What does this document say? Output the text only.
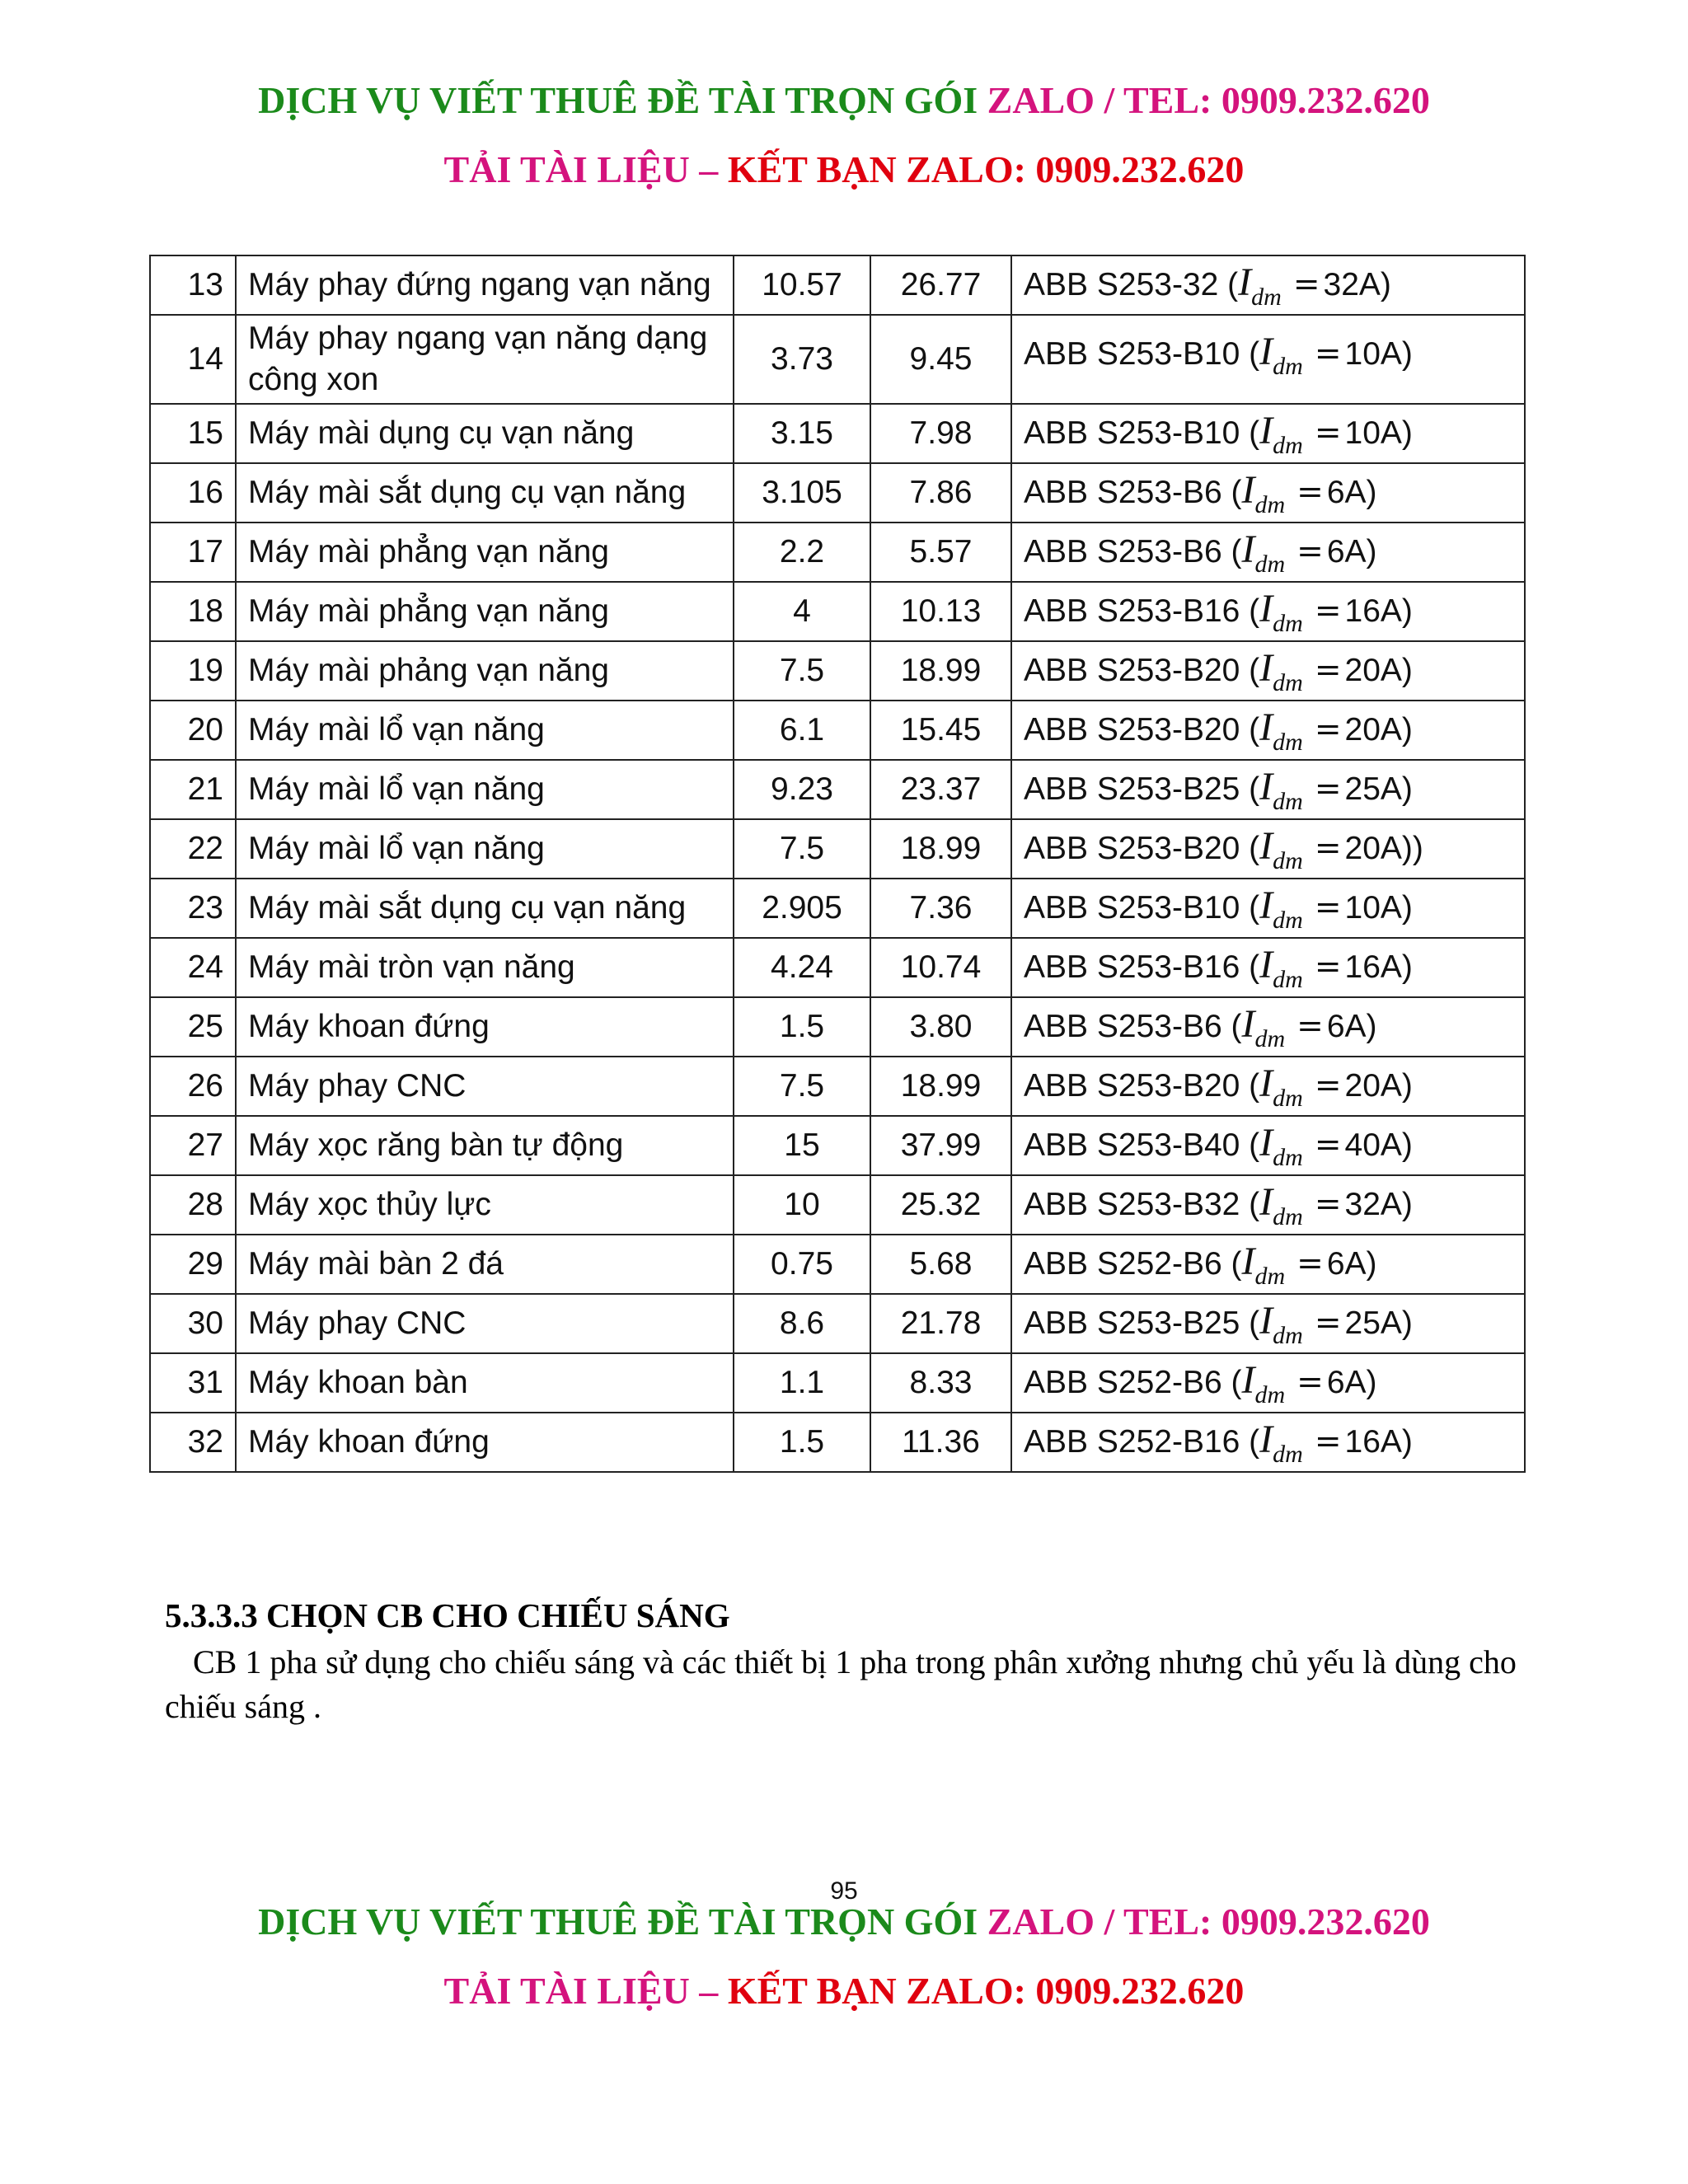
DỊCH VỤ VIẾT THUÊ ĐỀ TÀI TRỌN GÓI ZALO / TEL: 0909.232.620
TẢI TÀI LIỆU – KẾT BẠN ZALO: 0909.232.620
13	Máy phay đứng ngang vạn năng	10.57	26.77	ABB S253-32 $(I_{dm} = 32A)$
14	Máy phay ngang vạn năng dạng công xon	3.73	9.45	ABB S253-B10 $(I_{dm} = 10A)$
15	Máy mài dụng cụ vạn năng	3.15	7.98	ABB S253-B10 $(I_{dm} = 10A)$
16	Máy mài sắt dụng cụ vạn năng	3.105	7.86	ABB S253-B6 $(I_{dm} = 6A)$
17	Máy mài phẳng vạn năng	2.2	5.57	ABB S253-B6 $(I_{dm} = 6A)$
18	Máy mài phẳng vạn năng	4	10.13	ABB S253-B16 $(I_{dm} = 16A)$
19	Máy mài phảng vạn năng	7.5	18.99	ABB S253-B20 $(I_{dm} = 20A)$
20	Máy mài lổ vạn năng	6.1	15.45	ABB S253-B20 $(I_{dm} = 20A)$
21	Máy mài lổ vạn năng	9.23	23.37	ABB S253-B25 $(I_{dm} = 25A)$
22	Máy mài lổ vạn năng	7.5	18.99	ABB S253-B20 $(I_{dm} = 20A)$)
23	Máy mài sắt dụng cụ vạn năng	2.905	7.36	ABB S253-B10 $(I_{dm} = 10A)$
24	Máy mài tròn vạn năng	4.24	10.74	ABB S253-B16 $(I_{dm} = 16A)$
25	Máy khoan đứng	1.5	3.80	ABB S253-B6 $(I_{dm} = 6A)$
26	Máy phay CNC	7.5	18.99	ABB S253-B20 $(I_{dm} = 20A)$
27	Máy xọc răng bàn tự động	15	37.99	ABB S253-B40 $(I_{dm} = 40A)$
28	Máy xọc thủy lực	10	25.32	ABB S253-B32 $(I_{dm} = 32A)$
29	Máy mài bàn 2 đá	0.75	5.68	ABB S252-B6 $(I_{dm} = 6A)$
30	Máy phay CNC	8.6	21.78	ABB S253-B25 $(I_{dm} = 25A)$
31	Máy khoan bàn	1.1	8.33	ABB S252-B6 $(I_{dm} = 6A)$
32	Máy khoan đứng	1.5	11.36	ABB S252-B16 $(I_{dm} = 16A)$
5.3.3.3 CHỌN CB CHO CHIẾU SÁNG
CB 1 pha sử dụng cho chiếu sáng và các thiết bị 1 pha trong phân xưởng nhưng chủ yếu là dùng cho chiếu sáng .
95
DỊCH VỤ VIẾT THUÊ ĐỀ TÀI TRỌN GÓI ZALO / TEL: 0909.232.620
TẢI TÀI LIỆU – KẾT BẠN ZALO: 0909.232.620
